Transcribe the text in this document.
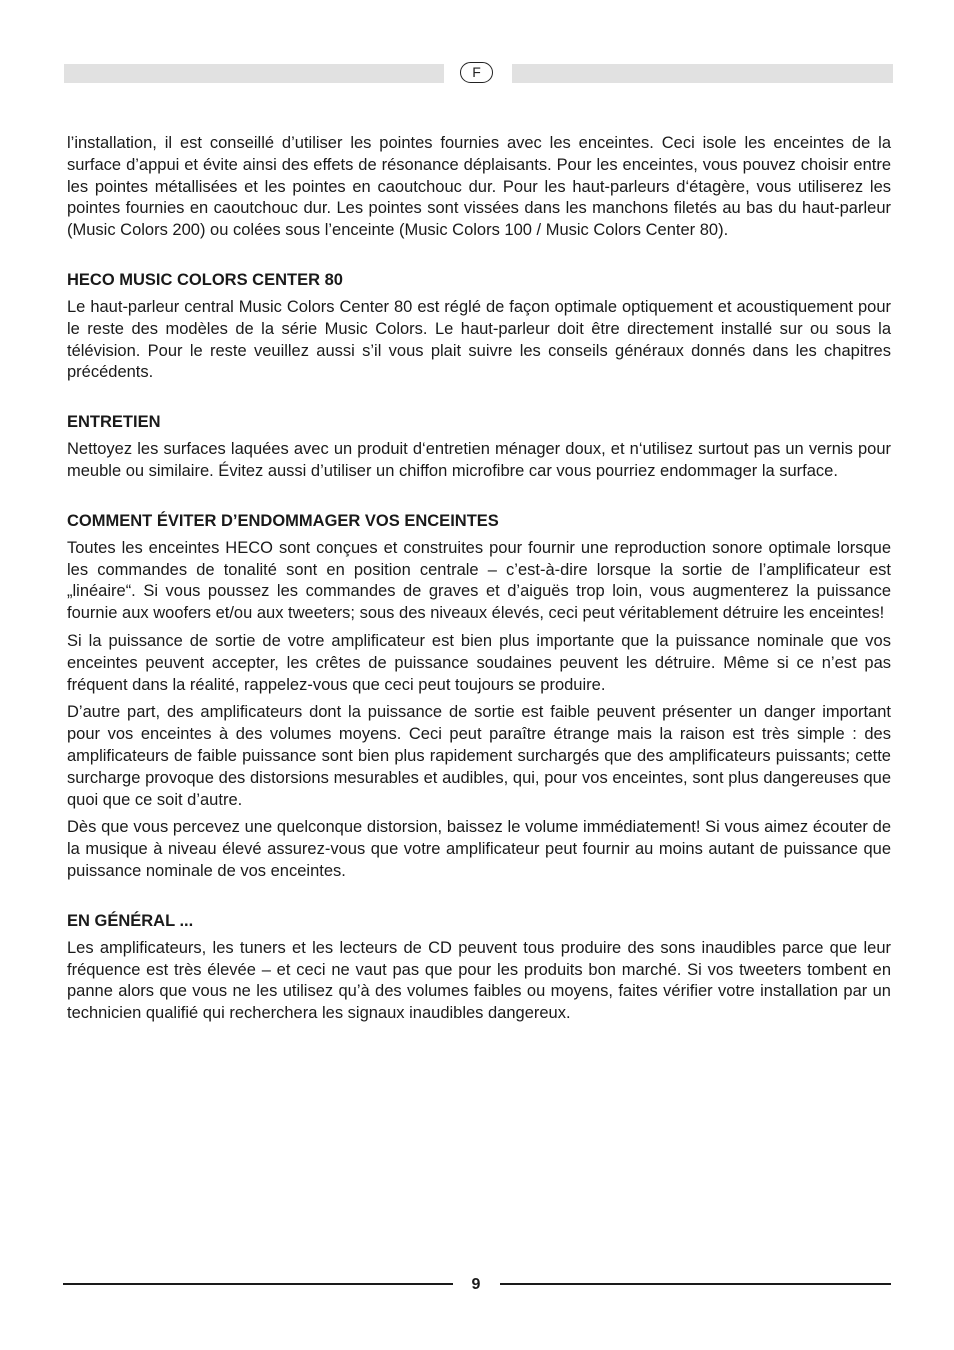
F

l’installation, il est conseillé d’utiliser les pointes fournies avec les enceintes. Ceci isole les enceintes de la surface d’appui et évite ainsi des effets de résonance déplaisants. Pour les enceintes, vous pouvez choisir entre les pointes métallisées et les pointes en caoutchouc dur. Pour les haut-parleurs d‘étagère, vous utiliserez les pointes fournies en caoutchouc dur. Les pointes sont vissées dans les manchons filetés au bas du haut-parleur (Music Colors 200) ou colées sous l’enceinte (Music Colors 100 / Music Colors Center 80).

HECO MUSIC COLORS CENTER 80

Le haut-parleur central Music Colors Center 80 est réglé de façon optimale optiquement et acoustiquement pour le reste des modèles de la série Music Colors. Le haut-parleur doit être directement installé sur ou sous la télévision. Pour le reste veuillez aussi s’il vous plait suivre les conseils généraux donnés dans les chapitres précédents.

ENTRETIEN

Nettoyez les surfaces laquées avec un produit d‘entretien ménager doux, et n‘utilisez surtout pas un vernis pour meuble ou similaire. Évitez aussi d’utiliser un chiffon microfibre car vous pourriez endommager la surface.

COMMENT ÉVITER D’ENDOMMAGER VOS ENCEINTES

Toutes les enceintes HECO sont conçues et construites pour fournir une reproduction sonore optimale lorsque les commandes de tonalité sont en position centrale – c’est-à-dire lorsque la sortie de l’amplificateur est „linéaire“. Si vous poussez les commandes de graves et d’aiguës trop loin, vous augmenterez la puissance fournie aux woofers et/ou aux tweeters; sous des niveaux élevés, ceci peut véritablement détruire les enceintes!

Si la puissance de sortie de votre amplificateur est bien plus importante que la puissance nominale que vos enceintes peuvent accepter, les crêtes de puissance soudaines peuvent les détruire. Même si ce n’est pas fréquent dans la réalité, rappelez-vous que ceci peut toujours se produire.

D’autre part, des amplificateurs dont la puissance de sortie est faible peuvent présenter un danger important pour vos enceintes à des volumes moyens. Ceci peut paraître étrange mais la raison est très simple : des amplificateurs de faible puissance sont bien plus rapidement surchargés que des amplificateurs puissants; cette surcharge provoque des distorsions mesurables et audibles, qui, pour vos enceintes, sont plus dangereuses que quoi que ce soit d’autre.

Dès que vous percevez une quelconque distorsion, baissez le volume immédiatement! Si vous aimez écouter de la musique à niveau élevé assurez-vous que votre amplificateur peut fournir au moins autant de puissance que puissance nominale de vos enceintes.

EN GÉNÉRAL ...

Les amplificateurs, les tuners et les lecteurs de CD peuvent tous produire des sons inaudibles parce que leur fréquence est très élevée – et ceci ne vaut pas que pour les produits bon marché. Si vos tweeters tombent en panne alors que vous ne les utilisez qu’à des volumes faibles ou moyens, faites vérifier votre installation par un technicien qualifié qui recherchera les signaux inaudibles dangereux.

9
